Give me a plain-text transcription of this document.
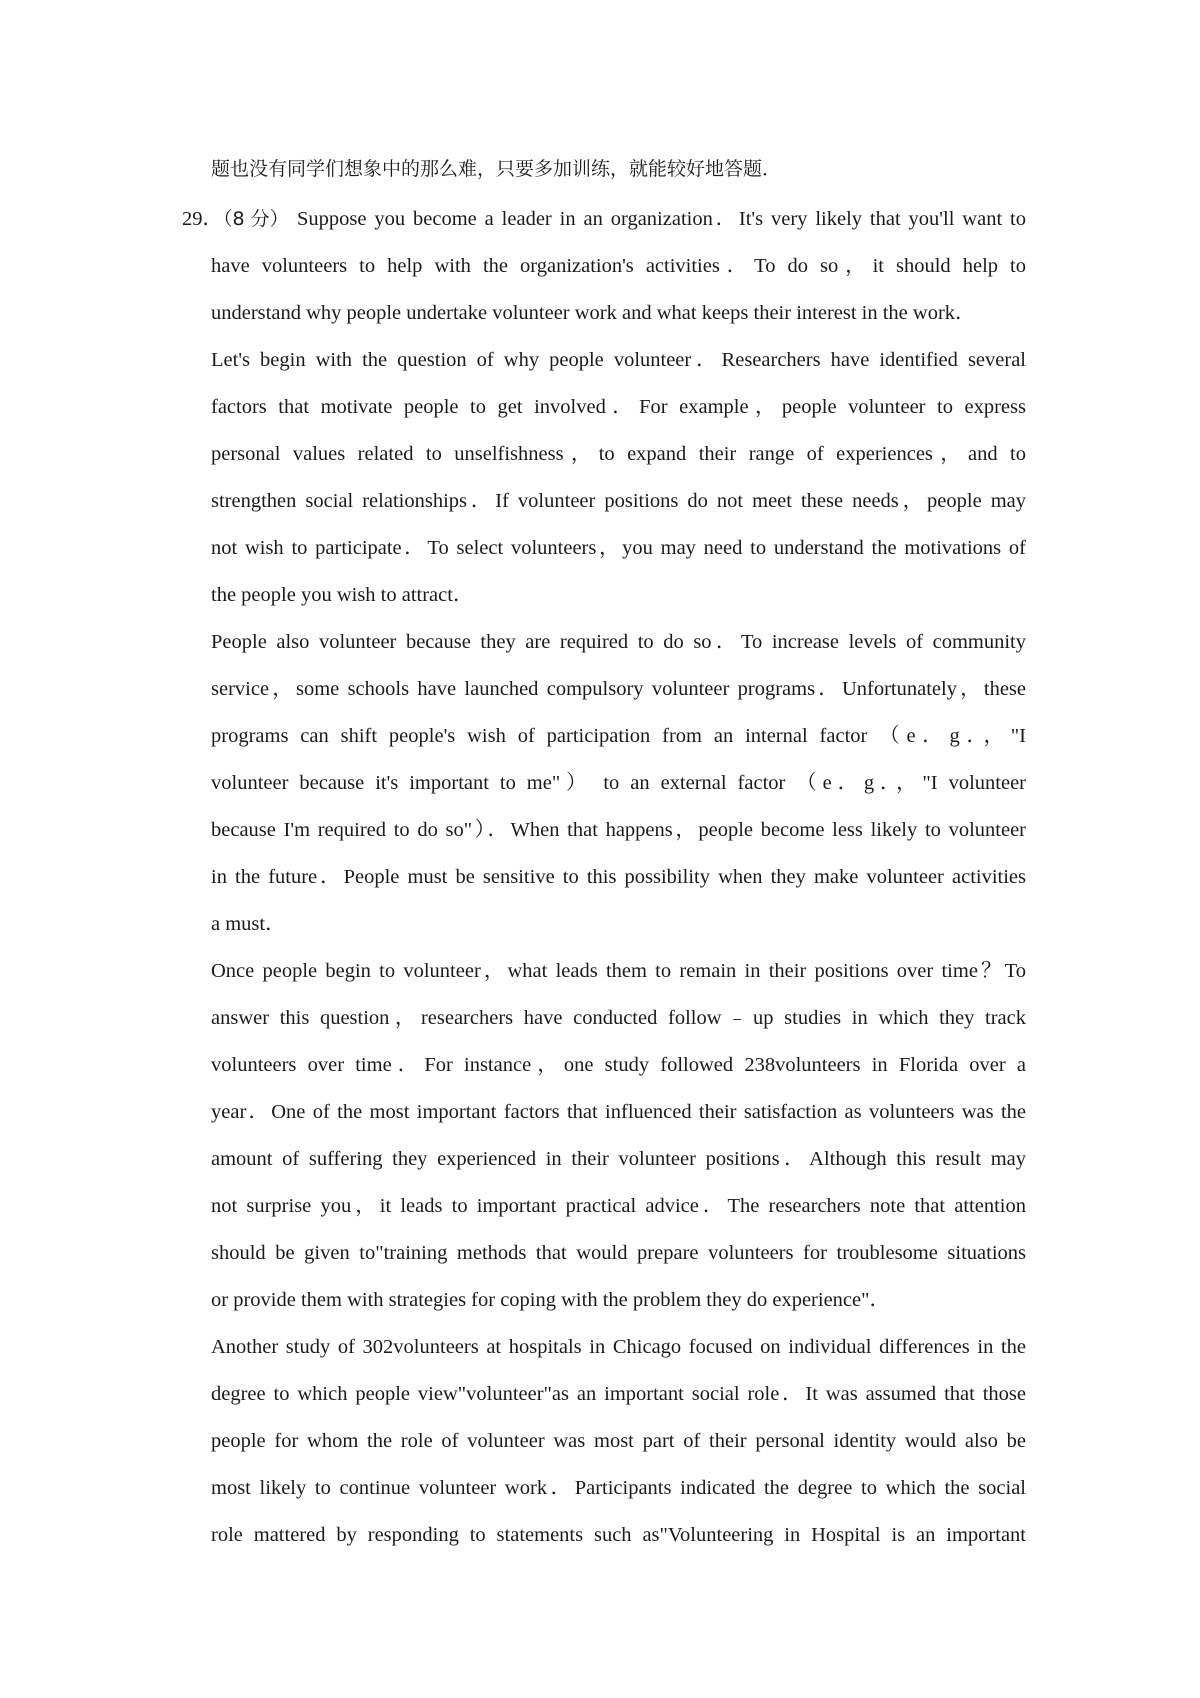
题也没有同学们想象中的那么难，只要多加训练，就能较好地答题．
29．（8 分） Suppose you become a leader in an organization．It's very likely that you'll want to
have volunteers to help with the organization's activities．To do so，it should help to
understand why people undertake volunteer work and what keeps their interest in the work．
Let's begin with the question of why people volunteer．Researchers have identified several
factors that motivate people to get involved．For example，people volunteer to express
personal values related to unselfishness，to expand their range of experiences，and to
strengthen social relationships．If volunteer positions do not meet these needs，people may
not wish to participate．To select volunteers，you may need to understand the motivations of
the people you wish to attract．
People also volunteer because they are required to do so．To increase levels of community
service，some schools have launched compulsory volunteer programs．Unfortunately，these
programs can shift people's wish of participation from an internal factor （e．g．，"I
volunteer because it's important to me"） to an external factor （e．g．，"I volunteer
because I'm required to do so"）．When that happens，people become less likely to volunteer
in the future．People must be sensitive to this possibility when they make volunteer activities
a must．
Once people begin to volunteer，what leads them to remain in their positions over time？To
answer this question，researchers have conducted follow﹣up studies in which they track
volunteers over time．For instance，one study followed 238volunteers in Florida over a
year．One of the most important factors that influenced their satisfaction as volunteers was the
amount of suffering they experienced in their volunteer positions．Although this result may
not surprise you，it leads to important practical advice．The researchers note that attention
should be given to"training methods that would prepare volunteers for troublesome situations
or provide them with strategies for coping with the problem they do experience"．
Another study of 302volunteers at hospitals in Chicago focused on individual differences in the
degree to which people view"volunteer"as an important social role．It was assumed that those
people for whom the role of volunteer was most part of their personal identity would also be
most likely to continue volunteer work．Participants indicated the degree to which the social
role mattered by responding to statements such as"Volunteering in Hospital is an important
